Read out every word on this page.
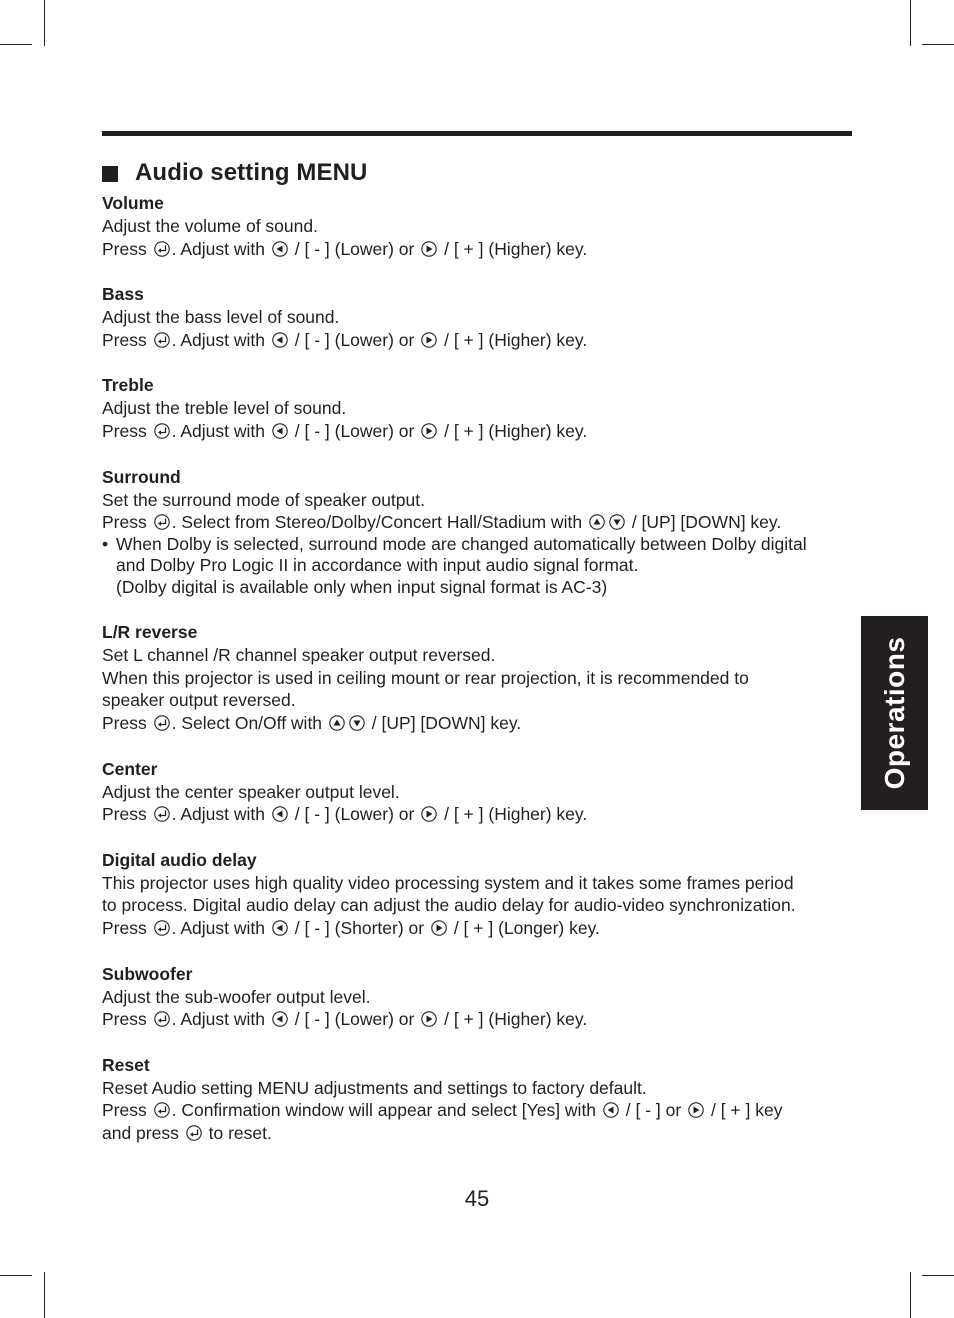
Audio setting MENU
Volume
Adjust the volume of sound.
Press . Adjust with / [ - ] (Lower) or / [ + ] (Higher) key.
Bass
Adjust the bass level of sound.
Press . Adjust with / [ - ] (Lower) or / [ + ] (Higher) key.
Treble
Adjust the treble level of sound.
Press . Adjust with / [ - ] (Lower) or / [ + ] (Higher) key.
Surround
Set the surround mode of speaker output.
Press . Select from Stereo/Dolby/Concert Hall/Stadium with	/ [UP] [DOWN] key.
• When Dolby is selected, surround mode are changed automatically between Dolby digital
and Dolby Pro Logic II in accordance with input audio signal format.
(Dolby digital is available only when input signal format is AC-3)
L/R reverse
Set L channel /R channel speaker output reversed.
When this projector is used in ceiling mount or rear projection, it is recommended to
speaker output reversed.
Press . Select On/Off with	/ [UP] [DOWN] key.
Center
Adjust the center speaker output level.
Press . Adjust with / [ - ] (Lower) or / [ + ] (Higher) key.
Digital audio delay
This projector uses high quality video processing system and it takes some frames period
to process. Digital audio delay can adjust the audio delay for audio-video synchronization.
Press . Adjust with / [ - ] (Shorter) or / [ + ] (Longer) key.
Subwoofer
Adjust the sub-woofer output level.
Press . Adjust with / [ - ] (Lower) or / [ + ] (Higher) key.
Reset
Reset Audio setting MENU adjustments and settings to factory default.
Press . Confirmation window will appear and select [Yes] with / [ - ] or / [ + ] key
and press to reset.
Operations
45
